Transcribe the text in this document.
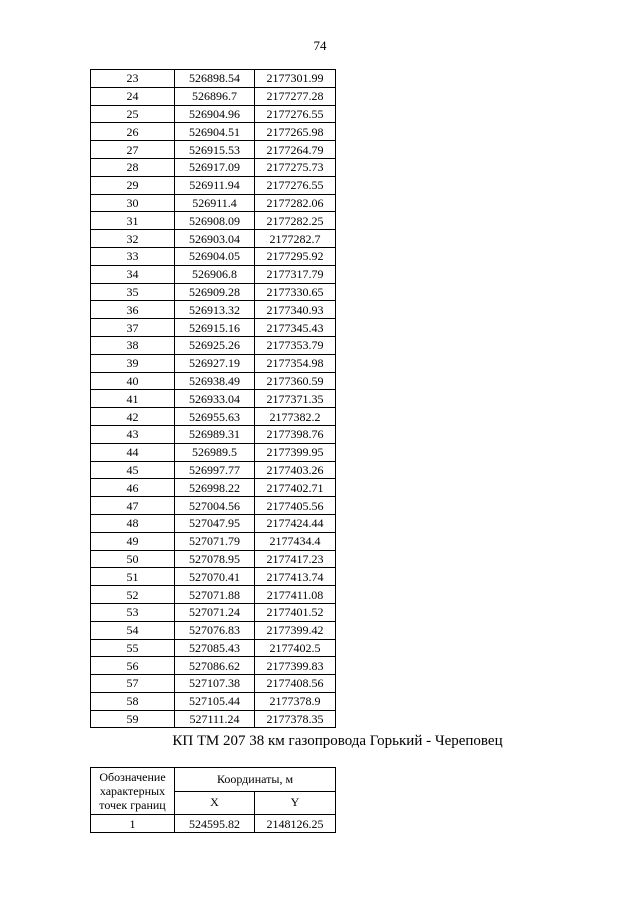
74
23	526898.54	2177301.99
24	526896.7	2177277.28
25	526904.96	2177276.55
26	526904.51	2177265.98
27	526915.53	2177264.79
28	526917.09	2177275.73
29	526911.94	2177276.55
30	526911.4	2177282.06
31	526908.09	2177282.25
32	526903.04	2177282.7
33	526904.05	2177295.92
34	526906.8	2177317.79
35	526909.28	2177330.65
36	526913.32	2177340.93
37	526915.16	2177345.43
38	526925.26	2177353.79
39	526927.19	2177354.98
40	526938.49	2177360.59
41	526933.04	2177371.35
42	526955.63	2177382.2
43	526989.31	2177398.76
44	526989.5	2177399.95
45	526997.77	2177403.26
46	526998.22	2177402.71
47	527004.56	2177405.56
48	527047.95	2177424.44
49	527071.79	2177434.4
50	527078.95	2177417.23
51	527070.41	2177413.74
52	527071.88	2177411.08
53	527071.24	2177401.52
54	527076.83	2177399.42
55	527085.43	2177402.5
56	527086.62	2177399.83
57	527107.38	2177408.56
58	527105.44	2177378.9
59	527111.24	2177378.35
КП ТМ 207 38 км газопровода Горький - Череповец
Обозначение характерных точек границ	Координаты, м	
	X	Y
1	524595.82	2148126.25
